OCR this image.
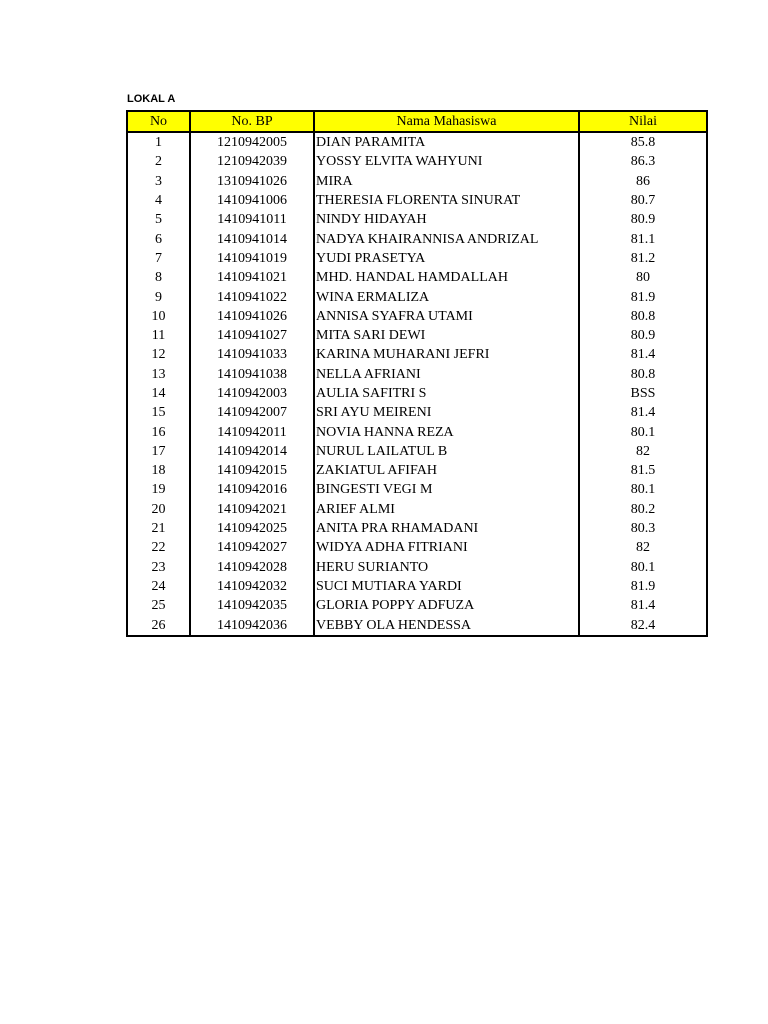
LOKAL A
No	No. BP	Nama Mahasiswa	Nilai
1	1210942005	DIAN PARAMITA	85.8
2	1210942039	YOSSY ELVITA WAHYUNI	86.3
3	1310941026	MIRA	86
4	1410941006	THERESIA FLORENTA SINURAT	80.7
5	1410941011	NINDY HIDAYAH	80.9
6	1410941014	NADYA KHAIRANNISA ANDRIZAL	81.1
7	1410941019	YUDI PRASETYA	81.2
8	1410941021	MHD. HANDAL HAMDALLAH	80
9	1410941022	WINA ERMALIZA	81.9
10	1410941026	ANNISA SYAFRA UTAMI	80.8
11	1410941027	MITA SARI DEWI	80.9
12	1410941033	KARINA MUHARANI JEFRI	81.4
13	1410941038	NELLA AFRIANI	80.8
14	1410942003	AULIA SAFITRI S	BSS
15	1410942007	SRI AYU MEIRENI	81.4
16	1410942011	NOVIA HANNA REZA	80.1
17	1410942014	NURUL LAILATUL B	82
18	1410942015	ZAKIATUL AFIFAH	81.5
19	1410942016	BINGESTI VEGI M	80.1
20	1410942021	ARIEF ALMI	80.2
21	1410942025	ANITA PRA RHAMADANI	80.3
22	1410942027	WIDYA ADHA FITRIANI	82
23	1410942028	HERU SURIANTO	80.1
24	1410942032	SUCI MUTIARA YARDI	81.9
25	1410942035	GLORIA POPPY ADFUZA	81.4
26	1410942036	VEBBY OLA HENDESSA	82.4
